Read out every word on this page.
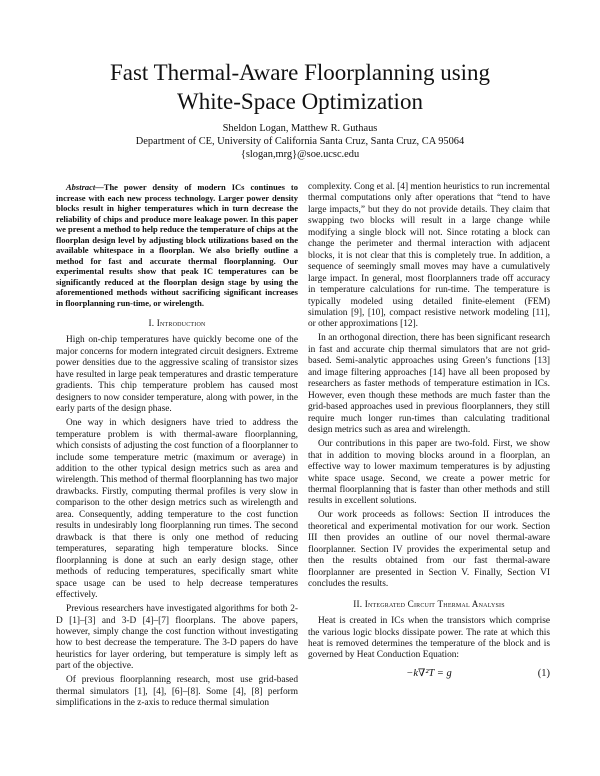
Fast Thermal-Aware Floorplanning using
White-Space Optimization
Sheldon Logan, Matthew R. Guthaus
Department of CE, University of California Santa Cruz, Santa Cruz, CA 95064
{slogan,mrg}@soe.ucsc.edu

Abstract—The power density of modern ICs continues to increase with each new process technology. Larger power density blocks result in higher temperatures which in turn decrease the reliability of chips and produce more leakage power. In this paper we present a method to help reduce the temperature of chips at the floorplan design level by adjusting block utilizations based on the available whitespace in a floorplan. We also briefly outline a method for fast and accurate thermal floorplanning. Our experimental results show that peak IC temperatures can be significantly reduced at the floorplan design stage by using the aforementioned methods without sacrificing significant increases in floorplanning run-time, or wirelength.

I. Introduction

High on-chip temperatures have quickly become one of the major concerns for modern integrated circuit designers. Extreme power densities due to the aggressive scaling of transistor sizes have resulted in large peak temperatures and drastic temperature gradients. This chip temperature problem has caused most designers to now consider temperature, along with power, in the early parts of the design phase.

One way in which designers have tried to address the temperature problem is with thermal-aware floorplanning, which consists of adjusting the cost function of a floorplanner to include some temperature metric (maximum or average) in addition to the other typical design metrics such as area and wirelength. This method of thermal floorplanning has two major drawbacks. Firstly, computing thermal profiles is very slow in comparison to the other design metrics such as wirelength and area. Consequently, adding temperature to the cost function results in undesirably long floorplanning run times. The second drawback is that there is only one method of reducing temperatures, separating high temperature blocks. Since floorplanning is done at such an early design stage, other methods of reducing temperatures, specifically smart white space usage can be used to help decrease temperatures effectively.

Previous researchers have investigated algorithms for both 2-D [1]–[3] and 3-D [4]–[7] floorplans. The above papers, however, simply change the cost function without investigating how to best decrease the temperature. The 3-D papers do have heuristics for layer ordering, but temperature is simply left as part of the objective.

Of previous floorplanning research, most use grid-based thermal simulators [1], [4], [6]–[8]. Some [4], [8] perform simplifications in the z-axis to reduce thermal simulation

complexity. Cong et al. [4] mention heuristics to run incremental thermal computations only after operations that “tend to have large impacts,” but they do not provide details. They claim that swapping two blocks will result in a large change while modifying a single block will not. Since rotating a block can change the perimeter and thermal interaction with adjacent blocks, it is not clear that this is completely true. In addition, a sequence of seemingly small moves may have a cumulatively large impact. In general, most floorplanners trade off accuracy in temperature calculations for run-time. The temperature is typically modeled using detailed finite-element (FEM) simulation [9], [10], compact resistive network modeling [11], or other approximations [12].

In an orthogonal direction, there has been significant research in fast and accurate chip thermal simulators that are not grid-based. Semi-analytic approaches using Green’s functions [13] and image filtering approaches [14] have all been proposed by researchers as faster methods of temperature estimation in ICs. However, even though these methods are much faster than the grid-based approaches used in previous floorplanners, they still require much longer run-times than calculating traditional design metrics such as area and wirelength.

Our contributions in this paper are two-fold. First, we show that in addition to moving blocks around in a floorplan, an effective way to lower maximum temperatures is by adjusting white space usage. Second, we create a power metric for thermal floorplanning that is faster than other methods and still results in excellent solutions.

Our work proceeds as follows: Section II introduces the theoretical and experimental motivation for our work. Section III then provides an outline of our novel thermal-aware floorplanner. Section IV provides the experimental setup and then the results obtained from our fast thermal-aware floorplanner are presented in Section V. Finally, Section VI concludes the results.

II. Integrated Circuit Thermal Analysis

Heat is created in ICs when the transistors which comprise the various logic blocks dissipate power. The rate at which this heat is removed determines the temperature of the block and is governed by Heat Conduction Equation:

−k∇²T = g	(1)
